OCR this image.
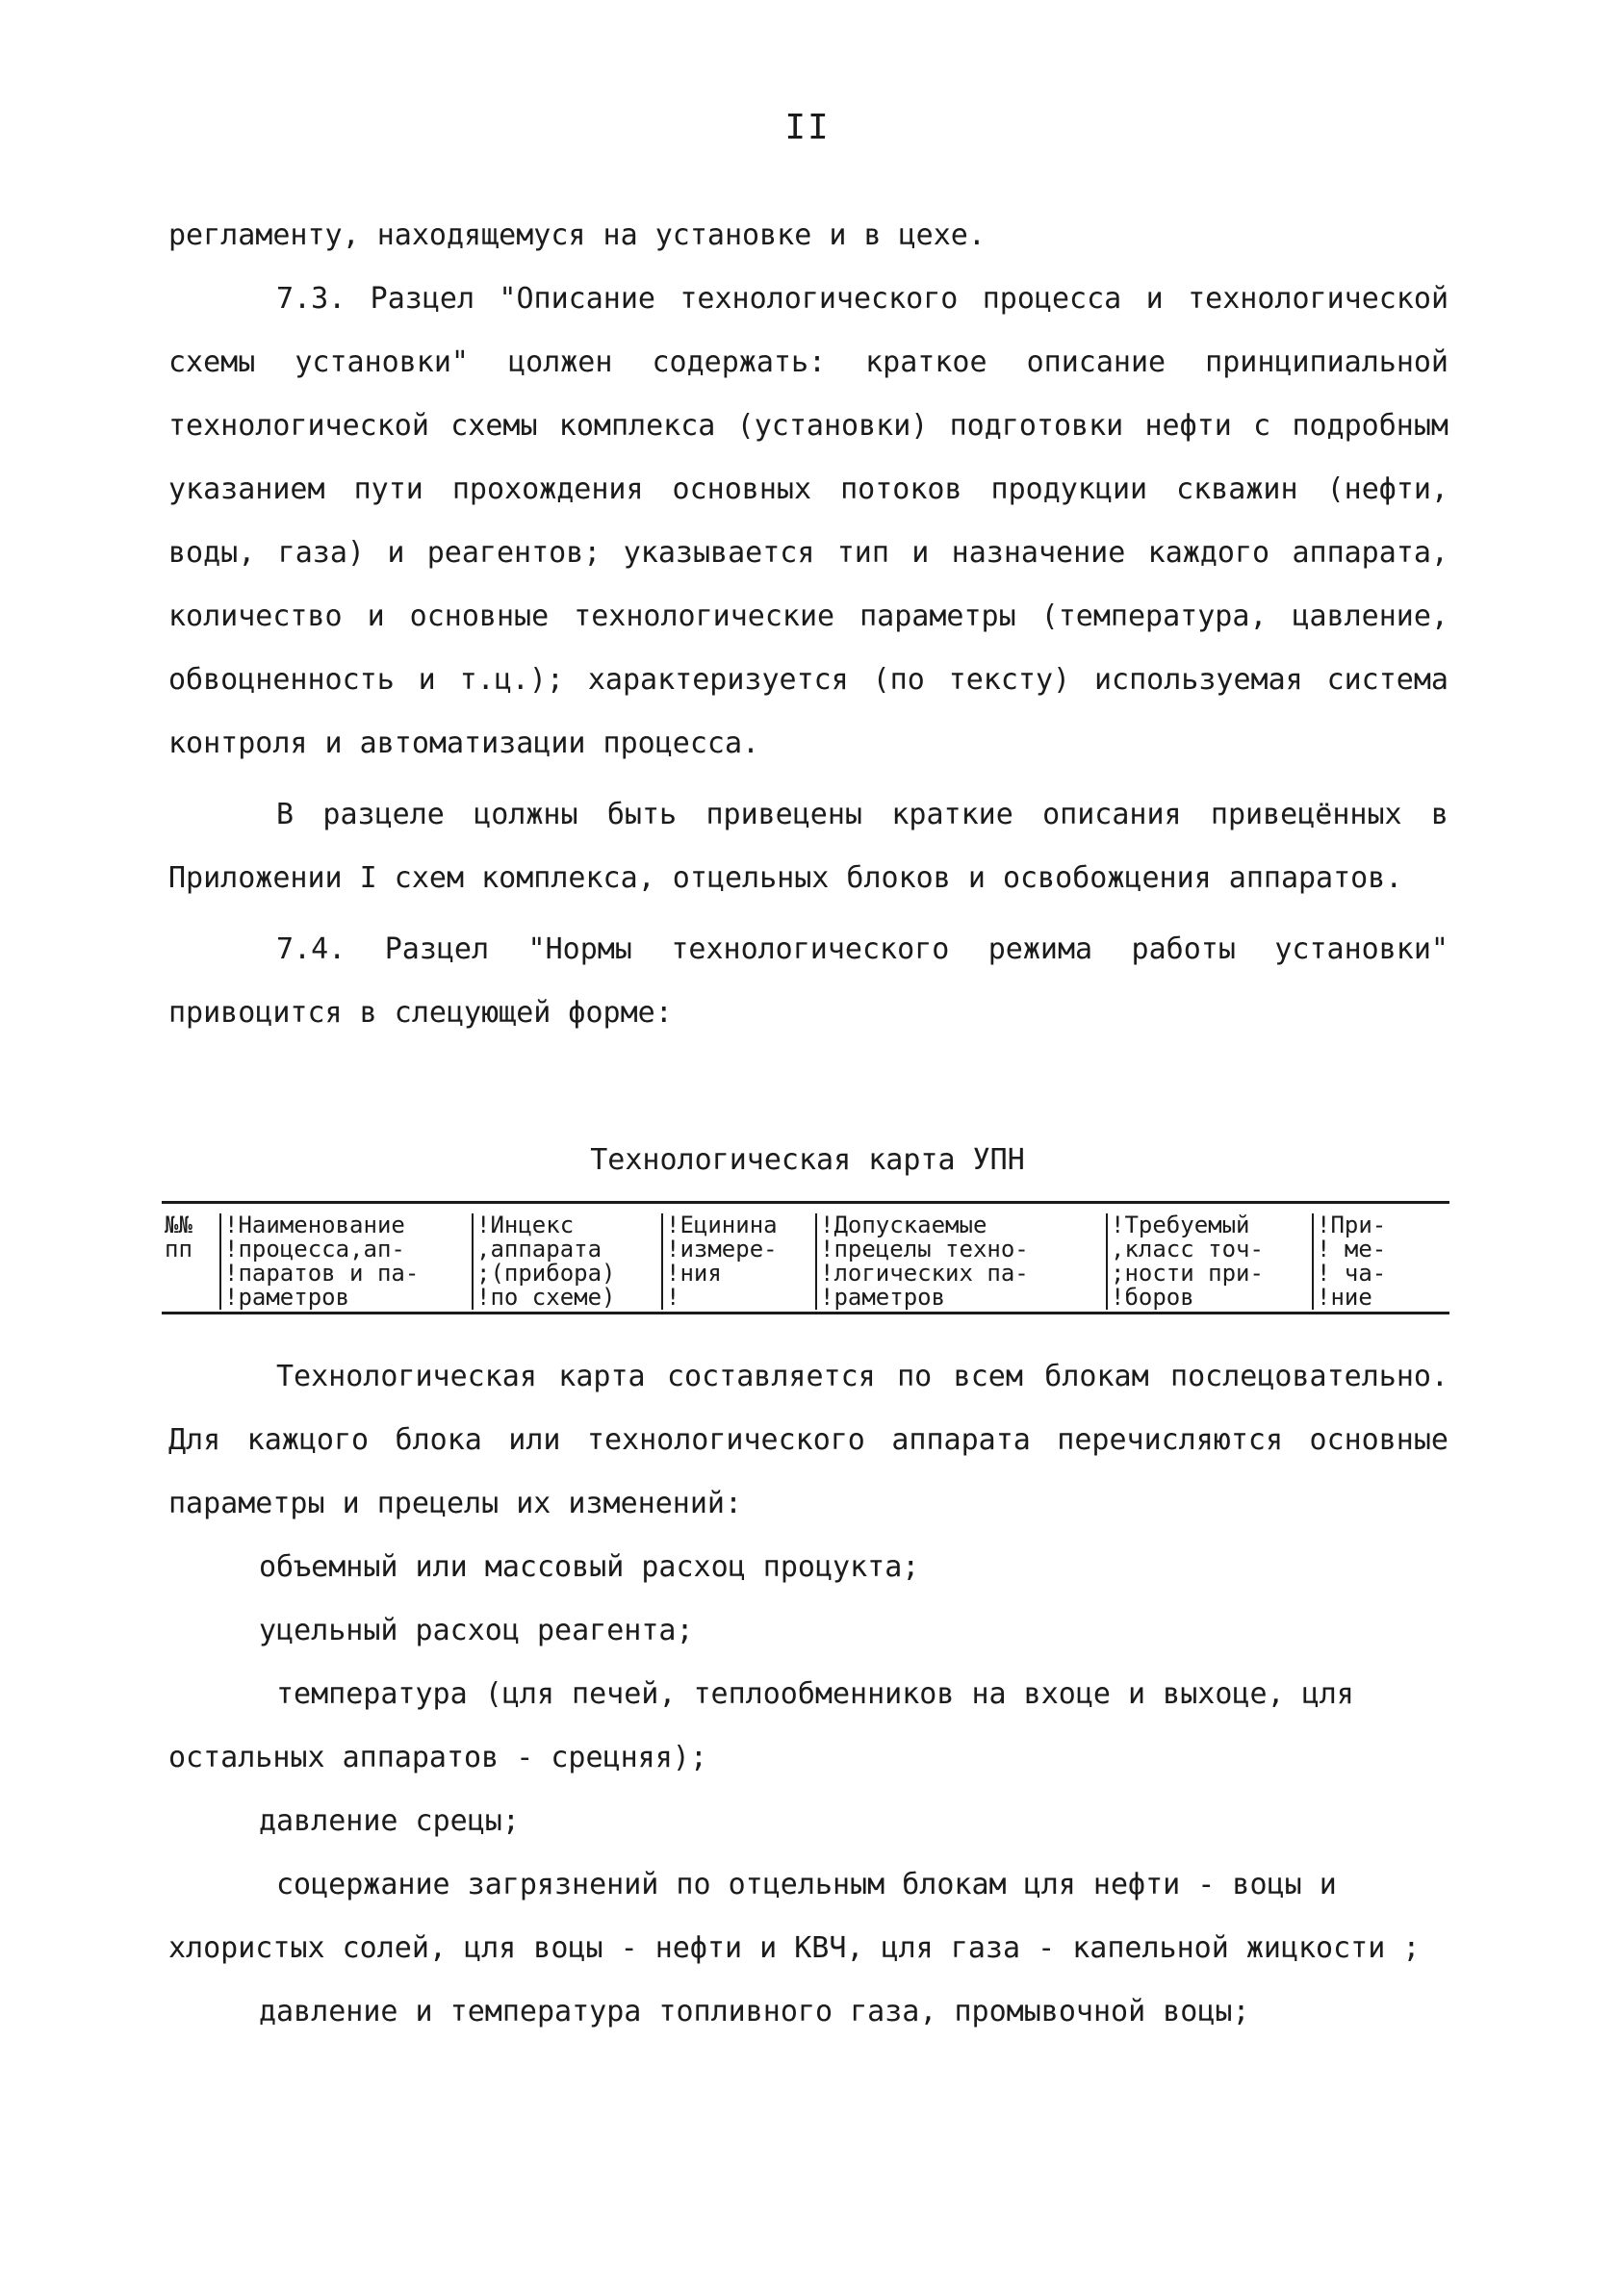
II

регламенту, находящемуся на установке и в цехе.

7.3. Разцел "Описание технологического процесса и технологической схемы установки" цолжен содержать: краткое описание принципиальной технологической схемы комплекса (установки) подготовки нефти с подробным указанием пути прохождения основных потоков продукции скважин (нефти, воды, газа) и реагентов; указывается тип и назначение каждого аппарата, количество и основные технологические параметры (температура, цавление, обвоцненность и т.ц.); характеризуется (по тексту) используемая система контроля и автоматизации процесса.

В разцеле цолжны быть привецены краткие описания привецённых в Приложении I схем комплекса, отцельных блоков и освобожцения аппаратов.

7.4. Разцел "Нормы технологического режима работы установки" привоцится в слецующей форме:

Технологическая карта УПН
№№
пп
!Наименование
!процесса,ап-
!паратов и па-
!раметров
!Инцекс
,аппарата
;(прибора)
!по схеме)
!Ецинина
!измере-
!ния
!
!Допускаемые
!прецелы техно-
!логических па-
!раметров
!Требуемый
,класс точ-
;ности при-
!боров
!При-
! ме-
! ча-
!ние

Технологическая карта составляется по всем блокам послецовательно. Для кажцого блока или технологического аппарата перечисляются основные параметры и прецелы их изменений:

объемный или массовый расхоц процукта;

уцельный расхоц реагента;

температура (цля печей, теплообменников на вхоце и выхоце, цля остальных аппаратов - срецняя);

давление срецы;

соцержание загрязнений по отцельным блокам цля нефти - воцы и хлористых солей, цля воцы - нефти и КВЧ, цля газа - капельной жицкости ;

давление и температура топливного газа, промывочной воцы;
